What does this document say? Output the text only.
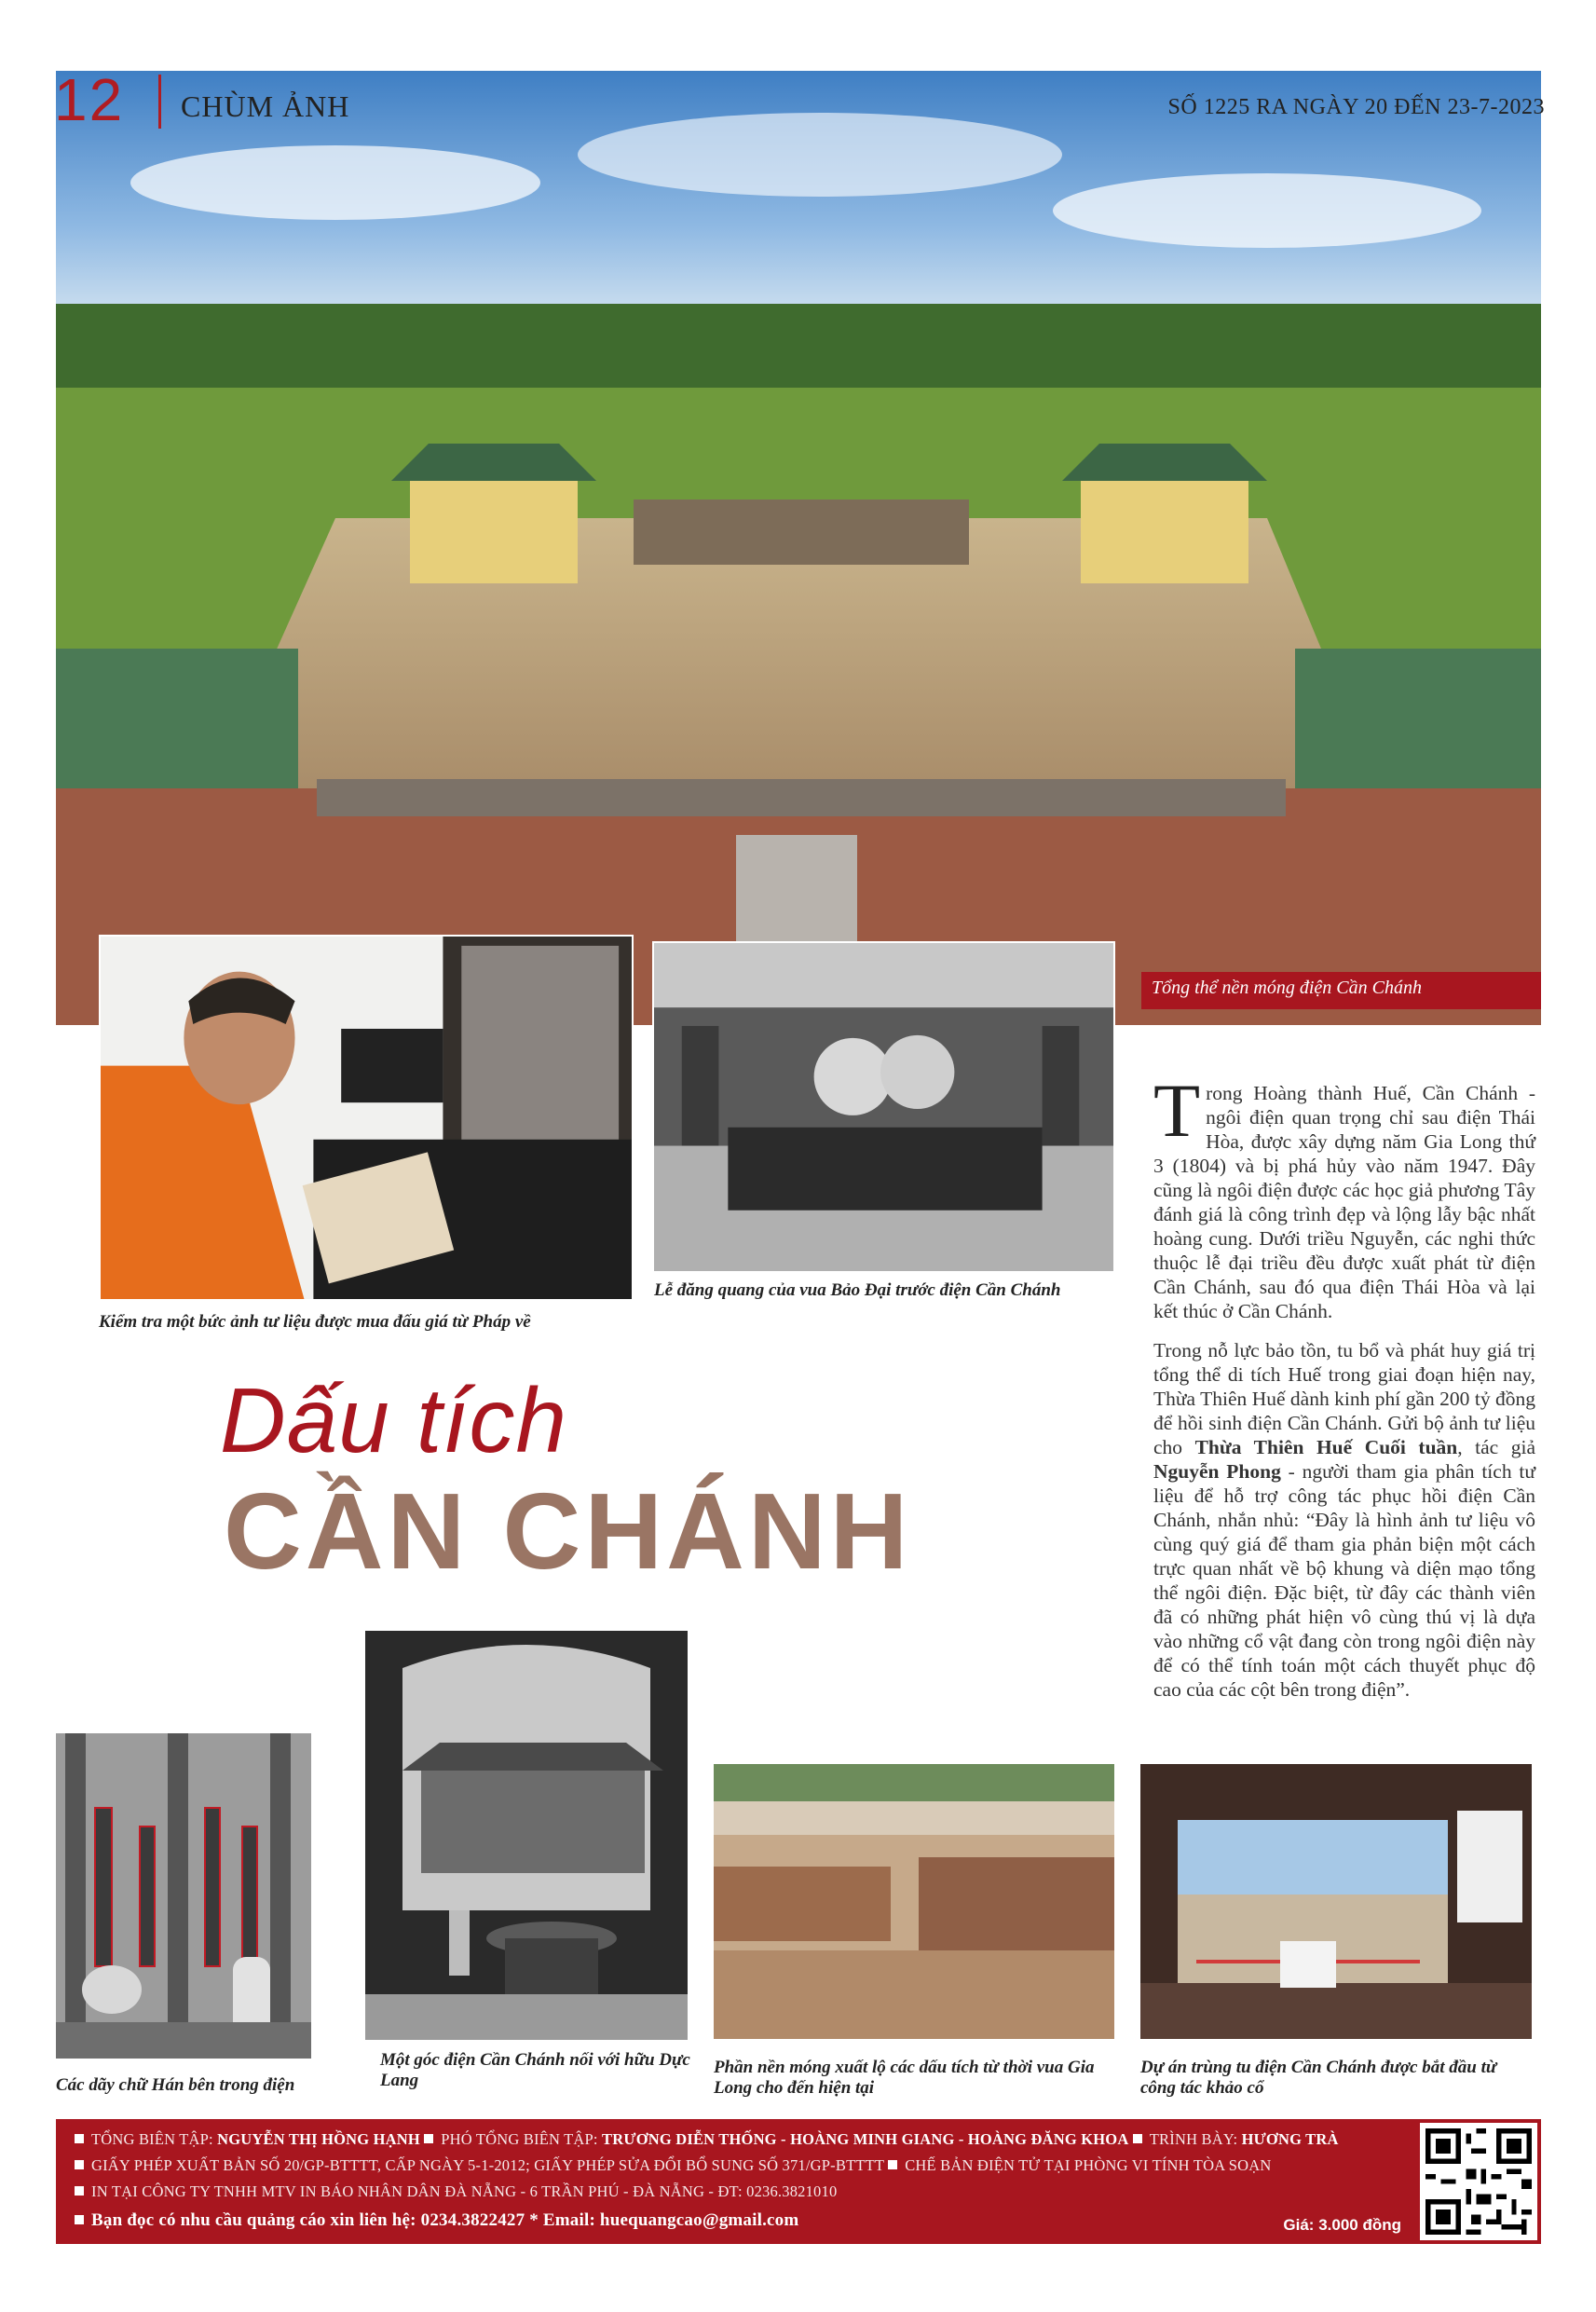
Tổng thể nền móng điện Cần Chánh
12 CHÙM ẢNH	SỐ 1225 RA NGÀY 20 ĐẾN 23-7-2023
Kiểm tra một bức ảnh tư liệu được mua đấu giá từ Pháp về
Lễ đăng quang của vua Bảo Đại trước điện Cần Chánh
Dấu tích
CẦN CHÁNH

Trong Hoàng thành Huế, Cần Chánh - ngôi điện quan trọng chỉ sau điện Thái Hòa, được xây dựng năm Gia Long thứ 3 (1804) và bị phá hủy vào năm 1947. Đây cũng là ngôi điện được các học giả phương Tây đánh giá là công trình đẹp và lộng lẫy bậc nhất hoàng cung. Dưới triều Nguyễn, các nghi thức thuộc lễ đại triều đều được xuất phát từ điện Cần Chánh, sau đó qua điện Thái Hòa và lại kết thúc ở Cần Chánh.

Trong nỗ lực bảo tồn, tu bổ và phát huy giá trị tổng thể di tích Huế trong giai đoạn hiện nay, Thừa Thiên Huế dành kinh phí gần 200 tỷ đồng để hồi sinh điện Cần Chánh. Gửi bộ ảnh tư liệu cho Thừa Thiên Huế Cuối tuần, tác giả Nguyễn Phong - người tham gia phân tích tư liệu để hỗ trợ công tác phục hồi điện Cần Chánh, nhắn nhủ: “Đây là hình ảnh tư liệu vô cùng quý giá để tham gia phản biện một cách trực quan nhất về bộ khung và diện mạo tổng thể ngôi điện. Đặc biệt, từ đây các thành viên đã có những phát hiện vô cùng thú vị là dựa vào những cổ vật đang còn trong ngôi điện này để có thể tính toán một cách thuyết phục độ cao của các cột bên trong điện”.

Các dãy chữ Hán bên trong điện
Một góc điện Cần Chánh nối với hữu Dực Lang
Phần nền móng xuất lộ các dấu tích từ thời vua Gia Long cho đến hiện tại
Dự án trùng tu điện Cần Chánh được bắt đầu từ công tác khảo cổ
TỔNG BIÊN TẬP: NGUYỄN THỊ HỒNG HẠNH PHÓ TỔNG BIÊN TẬP: TRƯƠNG DIỄN THỐNG - HOÀNG MINH GIANG - HOÀNG ĐĂNG KHOA TRÌNH BÀY: HƯƠNG TRÀ
GIẤY PHÉP XUẤT BẢN SỐ 20/GP-BTTTT, CẤP NGÀY 5-1-2012; GIẤY PHÉP SỬA ĐỔI BỔ SUNG SỐ 371/GP-BTTTT CHẾ BẢN ĐIỆN TỬ TẠI PHÒNG VI TÍNH TÒA SOẠN
IN TẠI CÔNG TY TNHH MTV IN BÁO NHÂN DÂN ĐÀ NẴNG - 6 TRẦN PHÚ - ĐÀ NẴNG - ĐT: 0236.3821010
Bạn đọc có nhu cầu quảng cáo xin liên hệ: 0234.3822427 * Email: huequangcao@gmail.com	Giá: 3.000 đồng
